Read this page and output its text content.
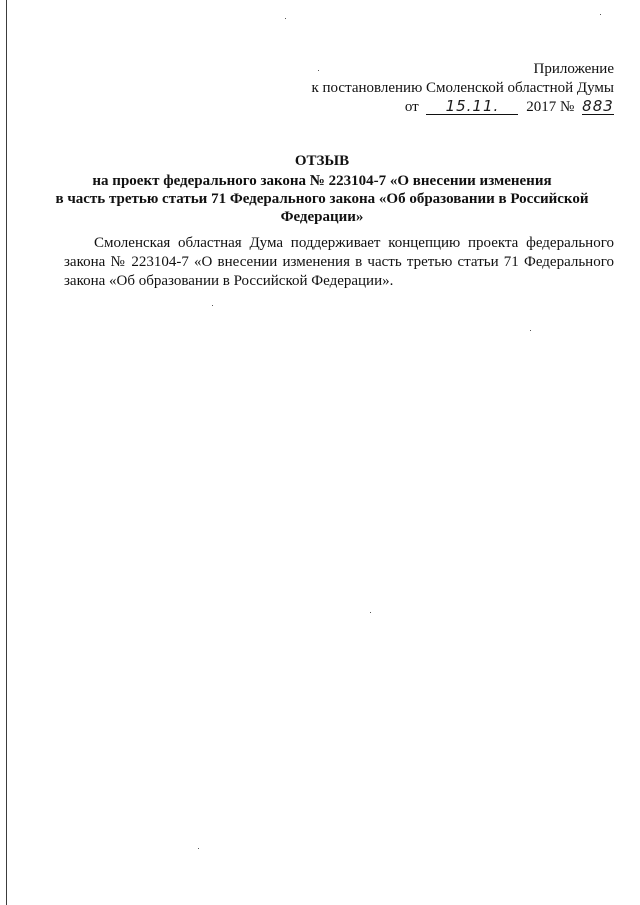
Приложение
к постановлению Смоленской областной Думы
от 15.11. 2017 № 883
ОТЗЫВ
на проект федерального закона № 223104-7 «О внесении изменения
в часть третью статьи 71 Федерального закона «Об образовании в Российской
Федерации»
Смоленская областная Дума поддерживает концепцию проекта федерального закона № 223104-7 «О внесении изменения в часть третью статьи 71 Федерального закона «Об образовании в Российской Федерации».
